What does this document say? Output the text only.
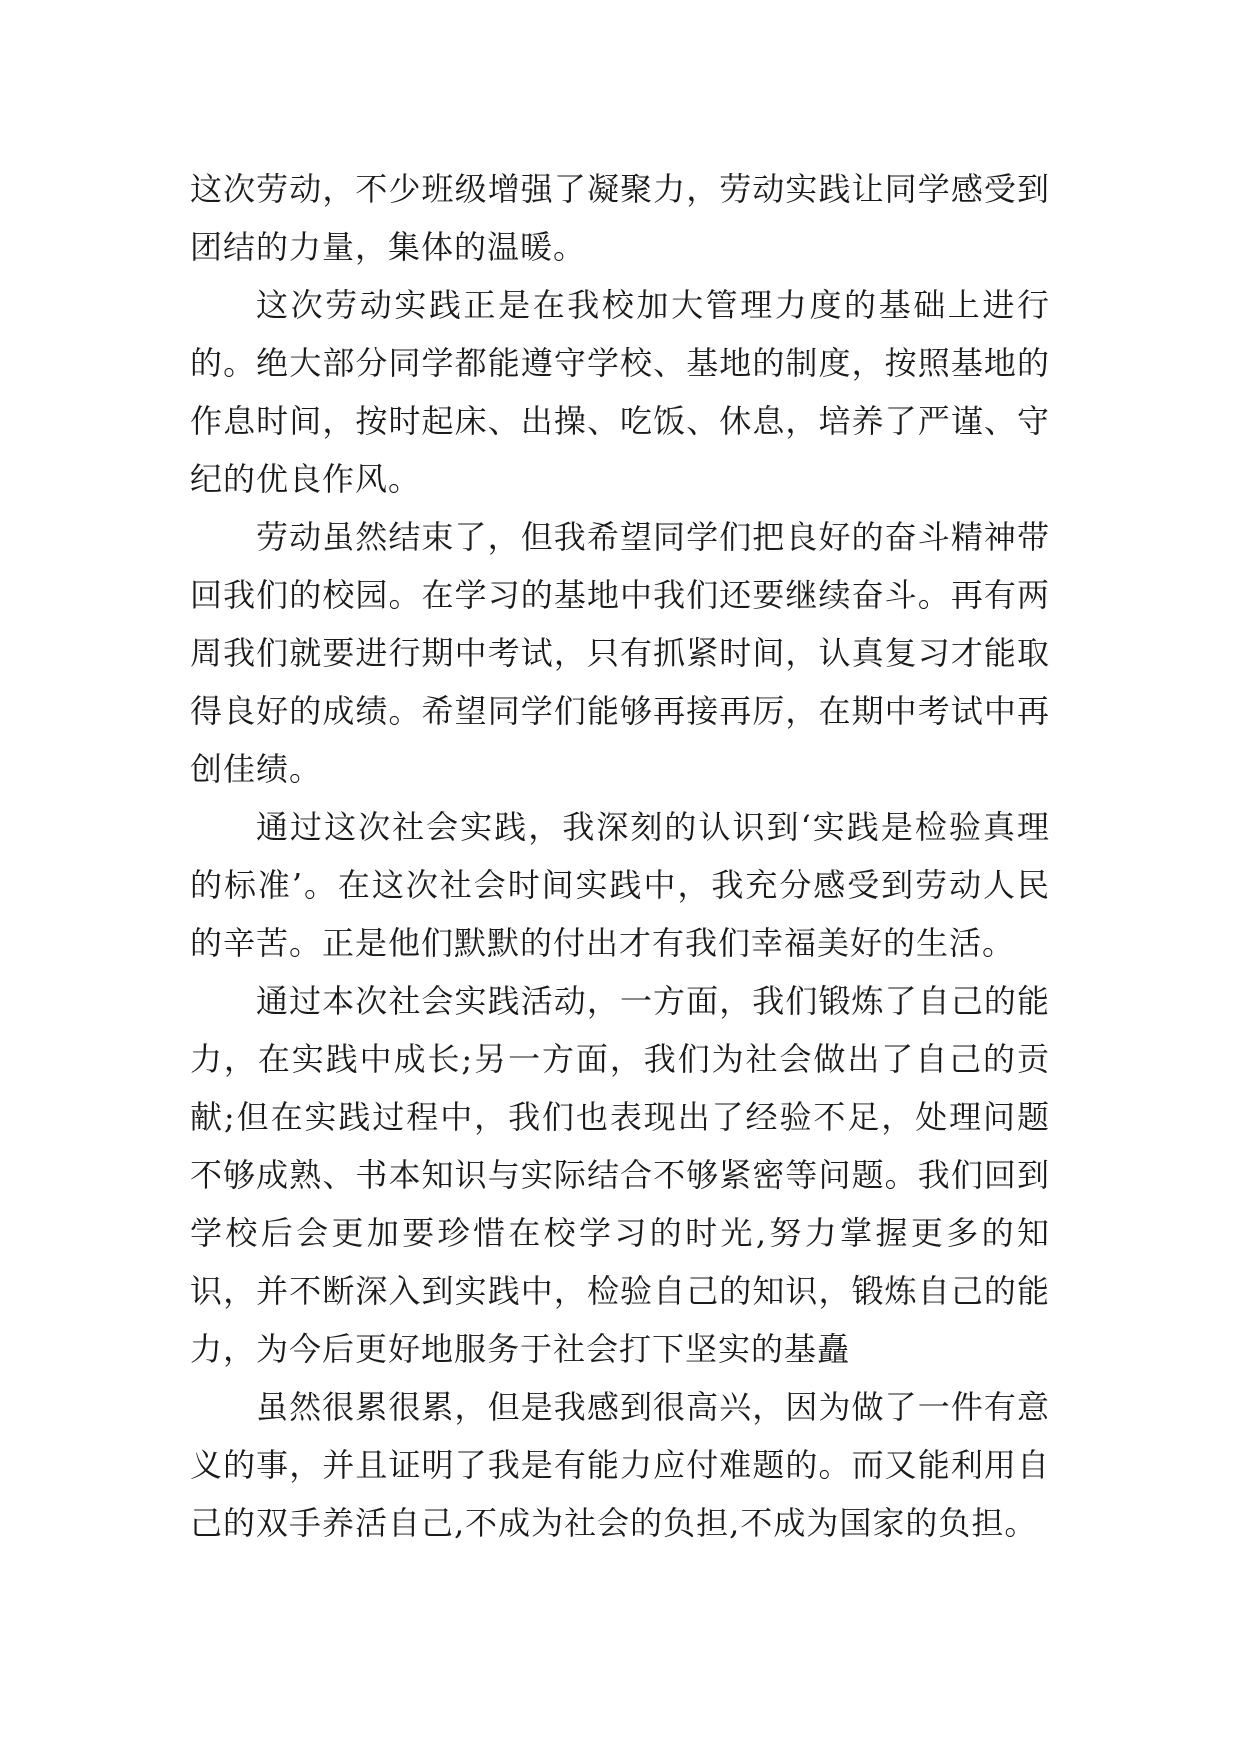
这次劳动，不少班级增强了凝聚力，劳动实践让同学感受到团结的力量，集体的温暖。

这次劳动实践正是在我校加大管理力度的基础上进行的。绝大部分同学都能遵守学校、基地的制度，按照基地的作息时间，按时起床、出操、吃饭、休息，培养了严谨、守纪的优良作风。

劳动虽然结束了，但我希望同学们把良好的奋斗精神带回我们的校园。在学习的基地中我们还要继续奋斗。再有两周我们就要进行期中考试，只有抓紧时间，认真复习才能取得良好的成绩。希望同学们能够再接再厉，在期中考试中再创佳绩。

通过这次社会实践，我深刻的认识到‘实践是检验真理的标准’。在这次社会时间实践中，我充分感受到劳动人民的辛苦。正是他们默默的付出才有我们幸福美好的生活。

通过本次社会实践活动，一方面，我们锻炼了自己的能力，在实践中成长;另一方面，我们为社会做出了自己的贡献;但在实践过程中，我们也表现出了经验不足，处理问题不够成熟、书本知识与实际结合不够紧密等问题。我们回到学校后会更加要珍惜在校学习的时光,努力掌握更多的知识，并不断深入到实践中，检验自己的知识，锻炼自己的能力，为今后更好地服务于社会打下坚实的基矗

虽然很累很累，但是我感到很高兴，因为做了一件有意义的事，并且证明了我是有能力应付难题的。而又能利用自己的双手养活自己,不成为社会的负担,不成为国家的负担。
